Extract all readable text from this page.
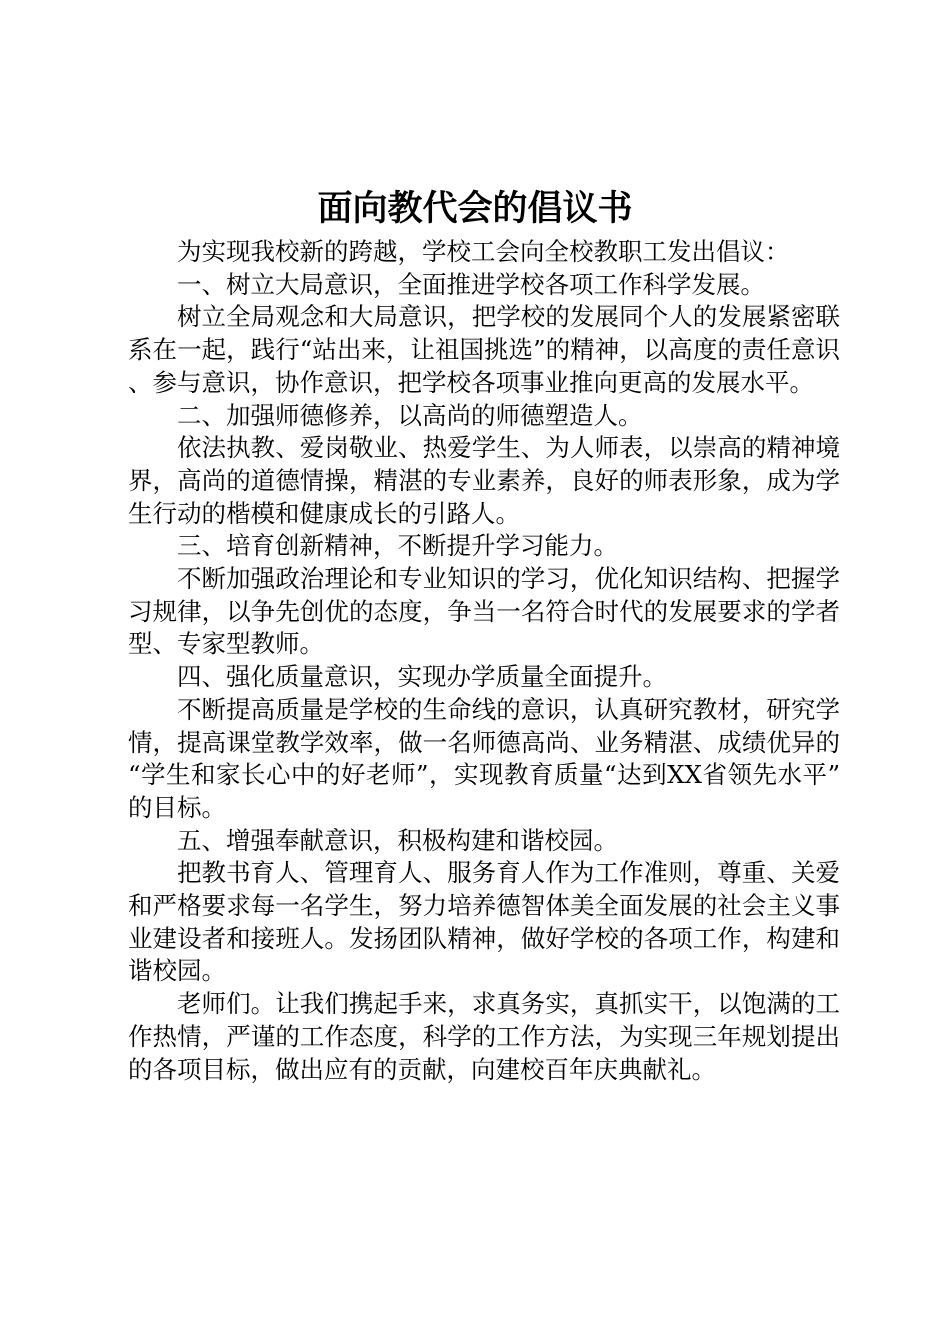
面向教代会的倡议书

为实现我校新的跨越，学校工会向全校教职工发出倡议：

一、树立大局意识，全面推进学校各项工作科学发展。

树立全局观念和大局意识，把学校的发展同个人的发展紧密联系在一起，践行“站出来，让祖国挑选”的精神，以高度的责任意识、参与意识，协作意识，把学校各项事业推向更高的发展水平。

二、加强师德修养，以高尚的师德塑造人。

依法执教、爱岗敬业、热爱学生、为人师表，以崇高的精神境界，高尚的道德情操，精湛的专业素养，良好的师表形象，成为学生行动的楷模和健康成长的引路人。

三、培育创新精神，不断提升学习能力。

不断加强政治理论和专业知识的学习，优化知识结构、把握学习规律，以争先创优的态度，争当一名符合时代的发展要求的学者型、专家型教师。

四、强化质量意识，实现办学质量全面提升。

不断提高质量是学校的生命线的意识，认真研究教材，研究学情，提高课堂教学效率，做一名师德高尚、业务精湛、成绩优异的“学生和家长心中的好老师”，实现教育质量“达到XX省领先水平”的目标。

五、增强奉献意识，积极构建和谐校园。

把教书育人、管理育人、服务育人作为工作准则，尊重、关爱和严格要求每一名学生，努力培养德智体美全面发展的社会主义事业建设者和接班人。发扬团队精神，做好学校的各项工作，构建和谐校园。

老师们。让我们携起手来，求真务实，真抓实干，以饱满的工作热情，严谨的工作态度，科学的工作方法，为实现三年规划提出的各项目标，做出应有的贡献，向建校百年庆典献礼。
